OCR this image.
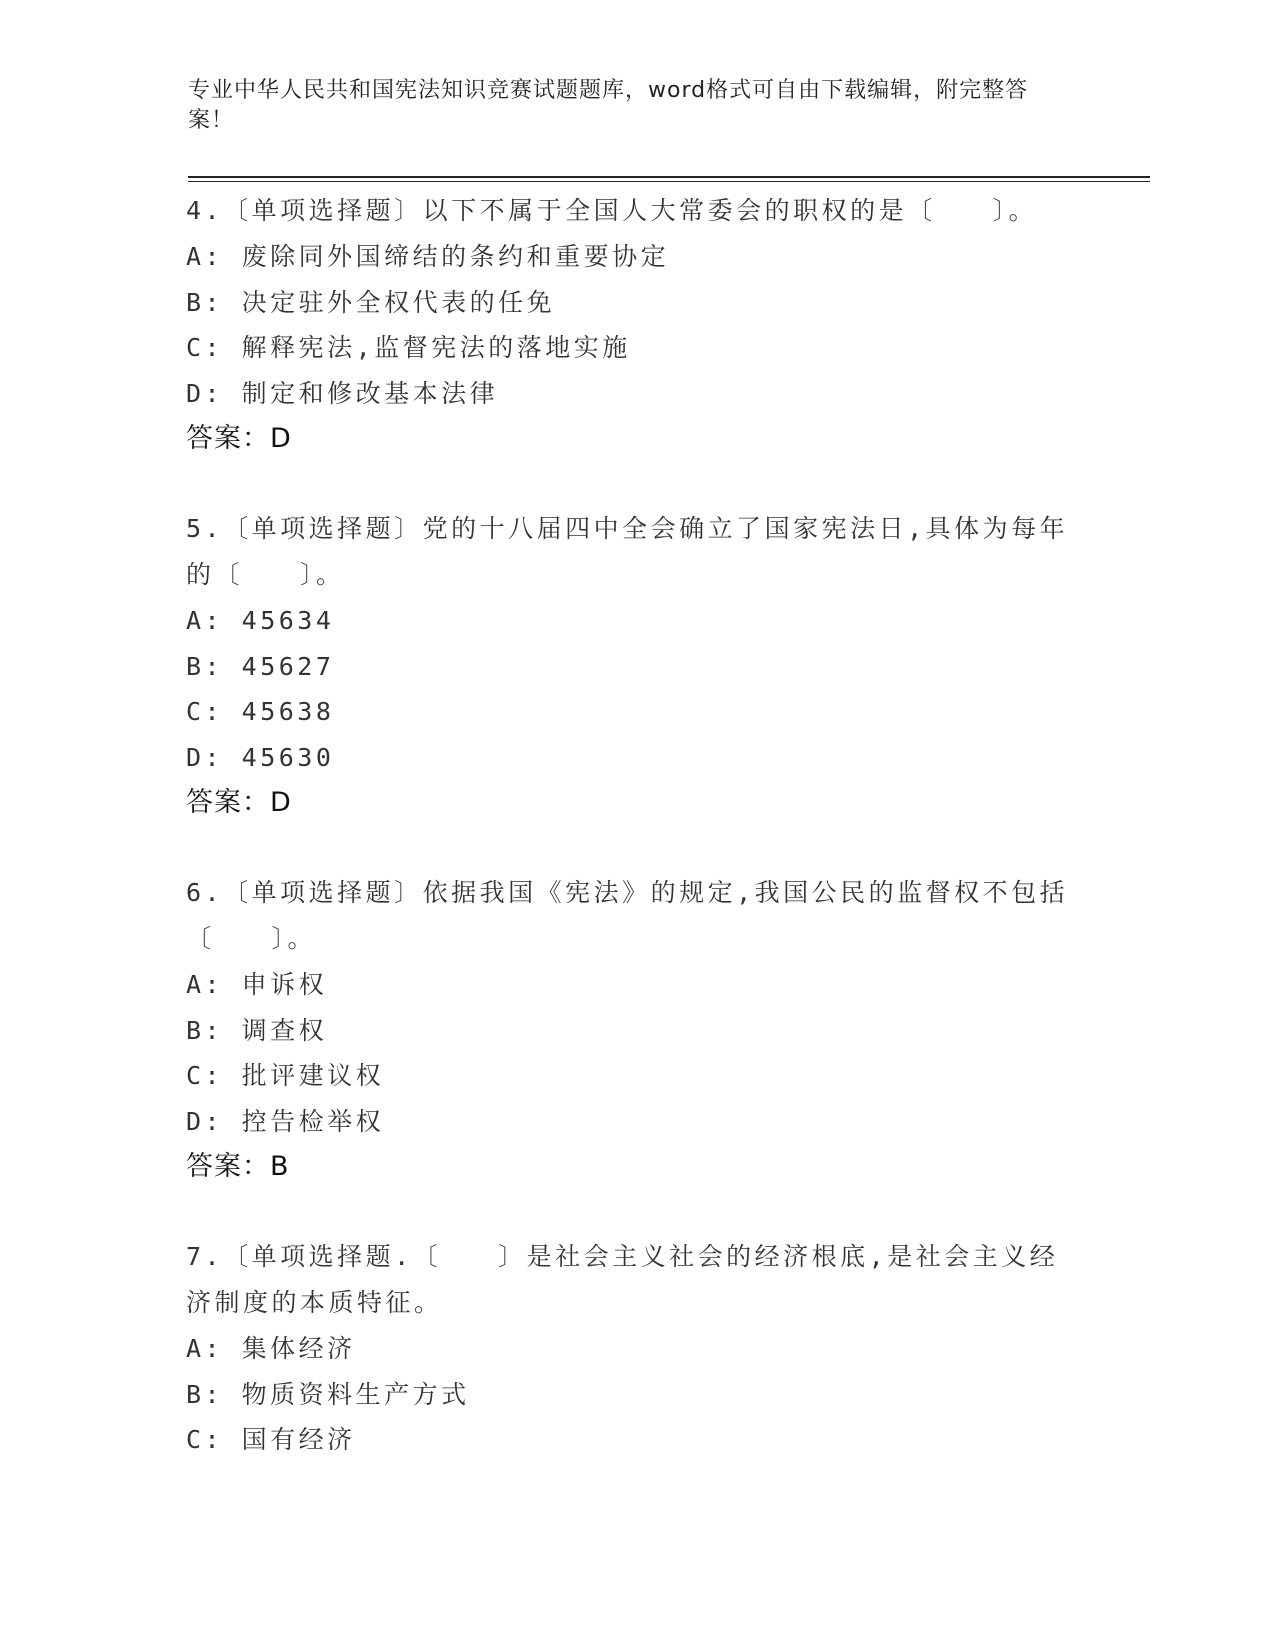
专业中华人民共和国宪法知识竞赛试题题库，word格式可自由下载编辑，附完整答案！

4.〔单项选择题〕以下不属于全国人大常委会的职权的是〔　　〕。

A: 废除同外国缔结的条约和重要协定

B: 决定驻外全权代表的任免

C: 解释宪法,监督宪法的落地实施

D: 制定和修改基本法律

答案：D

5.〔单项选择题〕党的十八届四中全会确立了国家宪法日,具体为每年的〔　　〕。

A: 45634

B: 45627

C: 45638

D: 45630

答案：D

6.〔单项选择题〕依据我国《宪法》的规定,我国公民的监督权不包括〔　　〕。

A: 申诉权

B: 调查权

C: 批评建议权

D: 控告检举权

答案：B

7.〔单项选择题.〔　　〕是社会主义社会的经济根底,是社会主义经济制度的本质特征。

A: 集体经济

B: 物质资料生产方式

C: 国有经济
